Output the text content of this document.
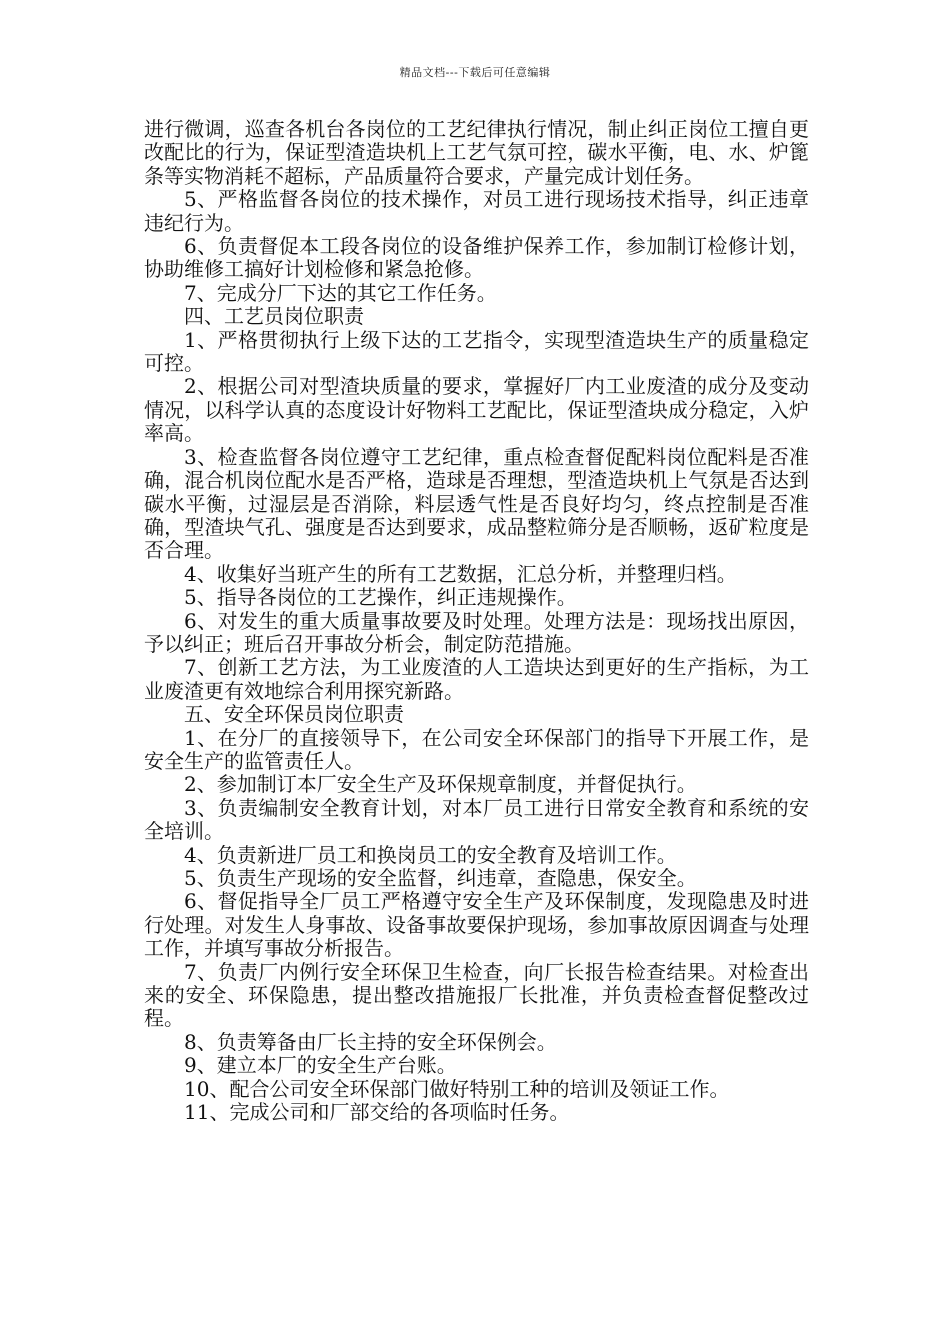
精品文档---下载后可任意编辑

进行微调，巡查各机台各岗位的工艺纪律执行情况，制止纠正岗位工擅自更改配比的行为，保证型渣造块机上工艺气氛可控，碳水平衡，电、水、炉篦条等实物消耗不超标，产品质量符合要求，产量完成计划任务。

5、严格监督各岗位的技术操作，对员工进行现场技术指导，纠正违章违纪行为。

6、负责督促本工段各岗位的设备维护保养工作，参加制订检修计划，协助维修工搞好计划检修和紧急抢修。

7、完成分厂下达的其它工作任务。

四、工艺员岗位职责

1、严格贯彻执行上级下达的工艺指令，实现型渣造块生产的质量稳定可控。

2、根据公司对型渣块质量的要求，掌握好厂内工业废渣的成分及变动情况，以科学认真的态度设计好物料工艺配比，保证型渣块成分稳定，入炉率高。

3、检查监督各岗位遵守工艺纪律，重点检查督促配料岗位配料是否准确，混合机岗位配水是否严格，造球是否理想，型渣造块机上气氛是否达到碳水平衡，过湿层是否消除，料层透气性是否良好均匀，终点控制是否准确，型渣块气孔、强度是否达到要求，成品整粒筛分是否顺畅，返矿粒度是否合理。

4、收集好当班产生的所有工艺数据，汇总分析，并整理归档。

5、指导各岗位的工艺操作，纠正违规操作。

6、对发生的重大质量事故要及时处理。处理方法是：现场找出原因，予以纠正；班后召开事故分析会，制定防范措施。

7、创新工艺方法，为工业废渣的人工造块达到更好的生产指标，为工业废渣更有效地综合利用探究新路。

五、安全环保员岗位职责

1、在分厂的直接领导下，在公司安全环保部门的指导下开展工作，是安全生产的监管责任人。

2、参加制订本厂安全生产及环保规章制度，并督促执行。

3、负责编制安全教育计划，对本厂员工进行日常安全教育和系统的安全培训。

4、负责新进厂员工和换岗员工的安全教育及培训工作。

5、负责生产现场的安全监督，纠违章，查隐患，保安全。

6、督促指导全厂员工严格遵守安全生产及环保制度，发现隐患及时进行处理。对发生人身事故、设备事故要保护现场，参加事故原因调查与处理工作，并填写事故分析报告。

7、负责厂内例行安全环保卫生检查，向厂长报告检查结果。对检查出来的安全、环保隐患，提出整改措施报厂长批准，并负责检查督促整改过程。

8、负责筹备由厂长主持的安全环保例会。

9、建立本厂的安全生产台账。

10、配合公司安全环保部门做好特别工种的培训及领证工作。

11、完成公司和厂部交给的各项临时任务。
